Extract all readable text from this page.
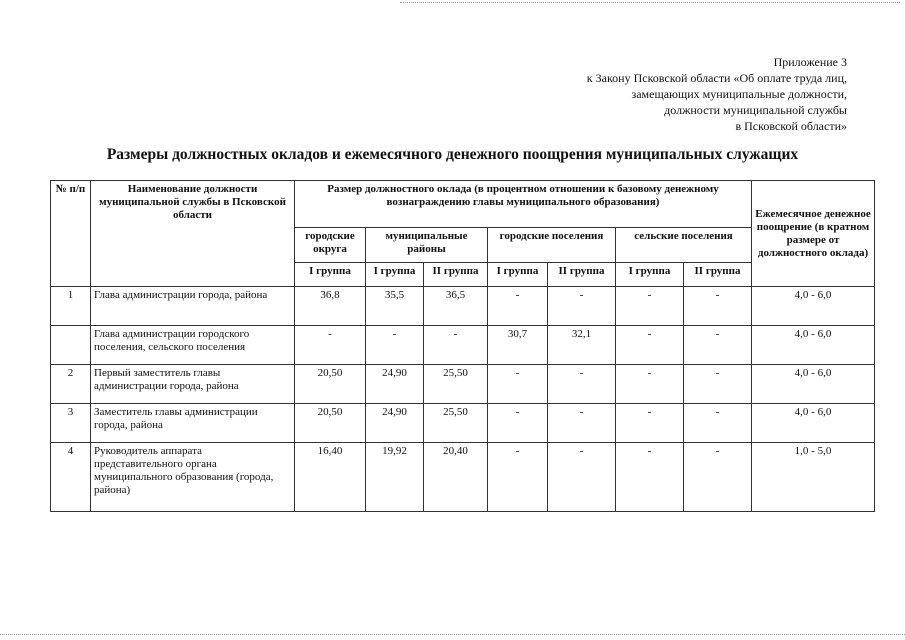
Приложение 3
к Закону Псковской области «Об оплате труда лиц,
замещающих муниципальные должности,
должности муниципальной службы
в Псковской области»
Размеры должностных окладов и ежемесячного денежного поощрения муниципальных служащих
№ п/п	Наименование должности муниципальной службы в Псковской области	Размер должностного оклада (в процентном отношении к базовому денежному вознаграждению главы муниципального образования)							Ежемесячное денежное поощрение (в кратном размере от должностного оклада)
		городские округа	муниципальные районы		городские поселения		сельские поселения		
		I группа	I группа	II группа	I группа	II группа	I группа	II группа	
1	Глава администрации города, района	36,8	35,5	36,5	-	-	-	-	4,0 - 6,0
	Глава администрации городского поселения, сельского поселения	-	-	-	30,7	32,1	-	-	4,0 - 6,0
2	Первый заместитель главы администрации города, района	20,50	24,90	25,50	-	-	-	-	4,0 - 6,0
3	Заместитель главы администрации города, района	20,50	24,90	25,50	-	-	-	-	4,0 - 6,0
4	Руководитель аппарата представительного органа муниципального образования (города, района)	16,40	19,92	20,40	-	-	-	-	1,0 - 5,0
